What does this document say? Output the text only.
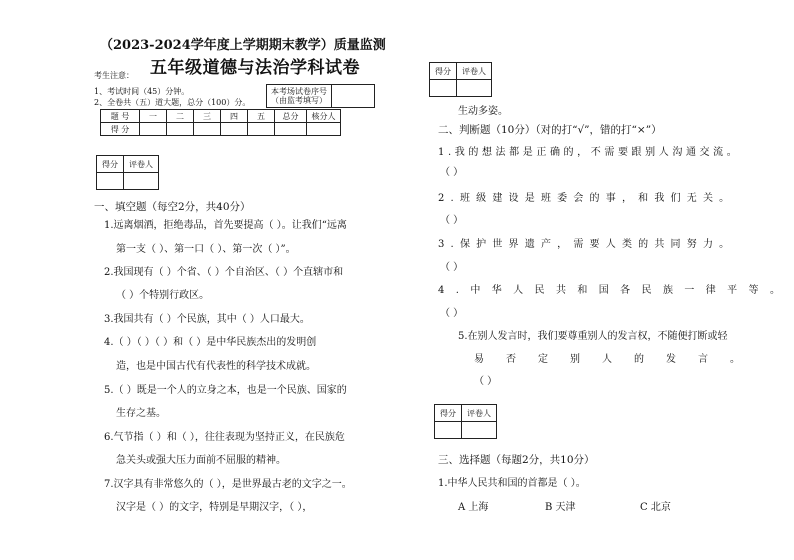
（2023-2024学年度上学期期末教学）质量监测
五年级道德与法治学科试卷
考生注意：
1、考试时间（45）分钟。
2、全卷共（五）道大题，总分（100）分。
本考场试卷序号
（由监考填写）	
题 号	一	二	三	四	五	总分	核分人
得 分							
得分	评卷人

一、填空题（每空2分，共40分）
1.远离烟酒，拒绝毒品，首先要提高（ ）。让我们“远离
第一支（ ）、第一口（ ）、第一次（ ）”。
2.我国现有（ ）个省、（ ）个自治区、（ ）个直辖市和
（ ）个特别行政区。
3.我国共有（ ）个民族，其中（ ）人口最大。
4.（ ）（ ）（ ）和（ ）是中华民族杰出的发明创
造，也是中国古代有代表性的科学技术成就。
5.（ ）既是一个人的立身之本，也是一个民族、国家的
生存之基。
6.气节指（ ）和（ ），往往表现为坚持正义，在民族危
急关头或强大压力面前不屈服的精神。
7.汉字具有非常悠久的（ ），是世界最古老的文字之一。
汉字是（ ）的文字，特别是早期汉字，（ ），
得分	评卷人

生动多姿。
二、判断题（10分）（对的打“√”，错的打“×”）
1.我的想法都是正确的，不需要跟别人沟通交流。
（ ）
2.班级建设是班委会的事，和我们无关。
（ ）
3.保护世界遗产，需要人类的共同努力。
（ ）
4.中华人民共和国各民族一律平等。
（ ）
5.在别人发言时，我们要尊重别人的发言权，不随便打断或轻
易否定别人的发言。
（ ）
得分	评卷人

三、选择题（每题2分，共10分）
1.中华人民共和国的首都是（ ）。
A 上海	B 天津	C 北京
